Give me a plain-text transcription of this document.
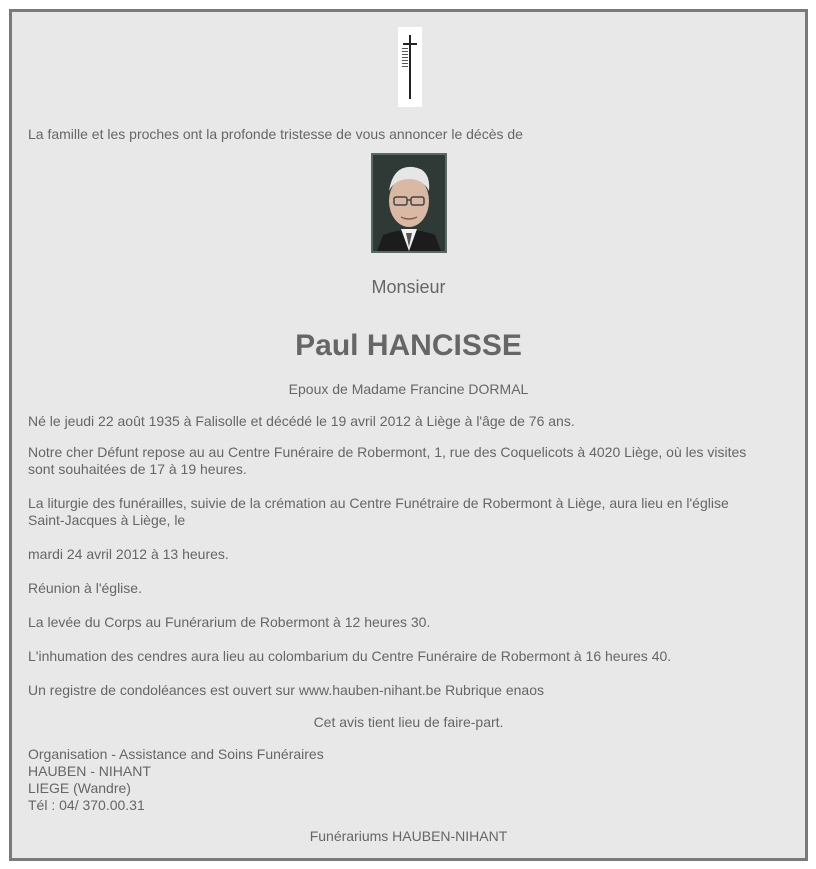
La famille et les proches ont la profonde tristesse de vous annoncer le décès de
Monsieur
Paul HANCISSE
Epoux de Madame Francine DORMAL
Né le jeudi 22 août 1935 à Falisolle et décédé le 19 avril 2012 à Liège à l'âge de 76 ans.
Notre cher Défunt repose au au Centre Funéraire de Robermont, 1, rue des Coquelicots à 4020 Liège, où les visites
sont souhaitées de 17 à 19 heures.
La liturgie des funérailles, suivie de la crémation au Centre Funétraire de Robermont à Liège, aura lieu en l'église
Saint-Jacques à Liège, le
mardi 24 avril 2012 à 13 heures.
Réunion à l'église.
La levée du Corps au Funérarium de Robermont à 12 heures 30.
L'inhumation des cendres aura lieu au colombarium du Centre Funéraire de Robermont à 16 heures 40.
Un registre de condoléances est ouvert sur www.hauben-nihant.be Rubrique enaos
Cet avis tient lieu de faire-part.
Organisation - Assistance and Soins Funéraires
HAUBEN - NIHANT
LIEGE (Wandre)
Tél : 04/ 370.00.31
Funérariums HAUBEN-NIHANT
